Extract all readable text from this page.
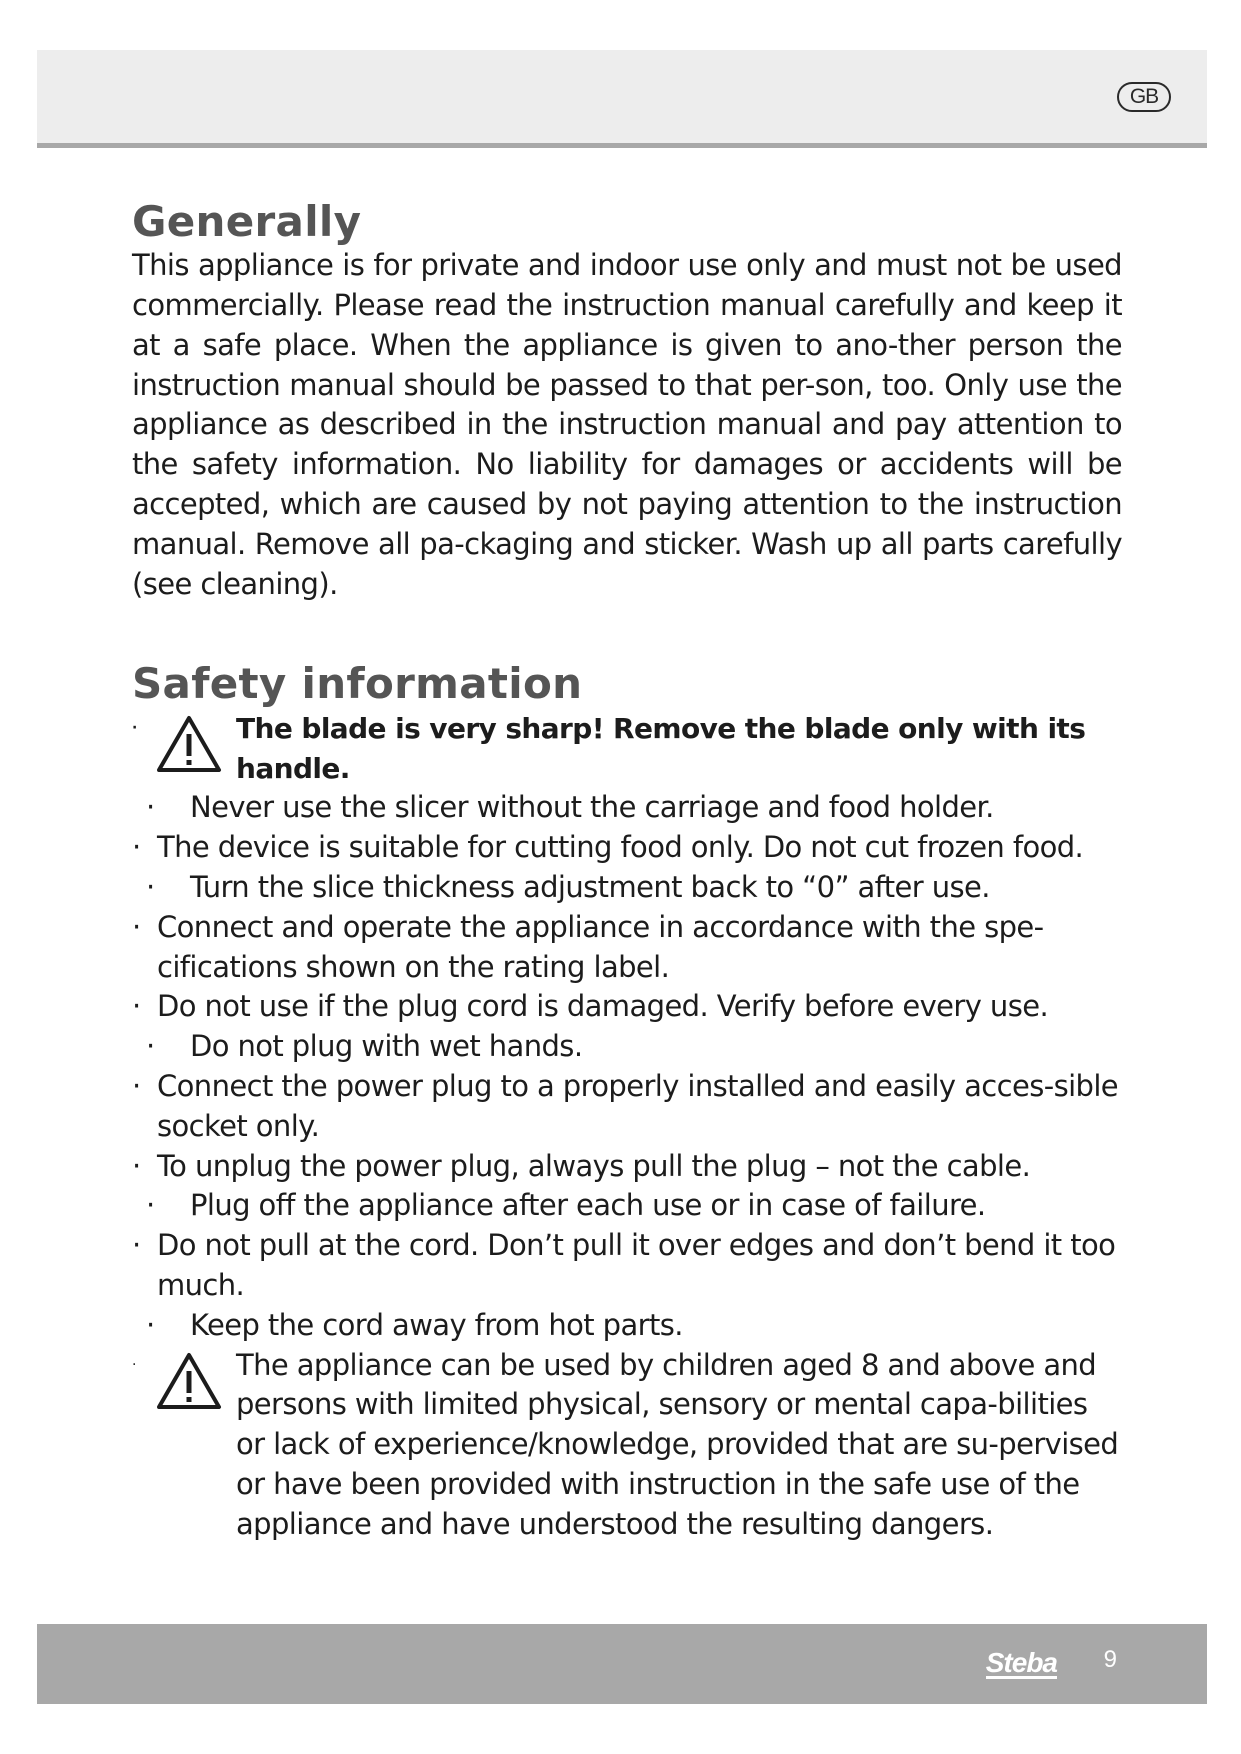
GB
Generally

This appliance is for private and indoor use only and must not be used commercially. Please read the instruction manual carefully and keep it at a safe place. When the appliance is given to ano-ther person the instruction manual should be passed to that per-son, too. Only use the appliance as described in the instruction manual and pay attention to the safety information. No liability for damages or accidents will be accepted, which are caused by not paying attention to the instruction manual. Remove all pa-ckaging and sticker. Wash up all parts carefully (see cleaning).

Safety information
·	The blade is very sharp! Remove the blade only with its handle.
· Never use the slicer without the carriage and food holder.
· The device is suitable for cutting food only. Do not cut frozen food.
· Turn the slice thickness adjustment back to “0” after use.
· Connect and operate the appliance in accordance with the spe-cifications shown on the rating label.
· Do not use if the plug cord is damaged. Verify before every use.
· Do not plug with wet hands.
· Connect the power plug to a properly installed and easily acces-sible socket only.
· To unplug the power plug, always pull the plug – not the cable.
· Plug off the appliance after each use or in case of failure.
· Do not pull at the cord. Don’t pull it over edges and don’t bend it too much.
· Keep the cord away from hot parts.
·	The appliance can be used by children aged 8 and above and persons with limited physical, sensory or mental capa-bilities or lack of experience/knowledge, provided that are su-pervised or have been provided with instruction in the safe use of the appliance and have understood the resulting dangers.
Steba 9
